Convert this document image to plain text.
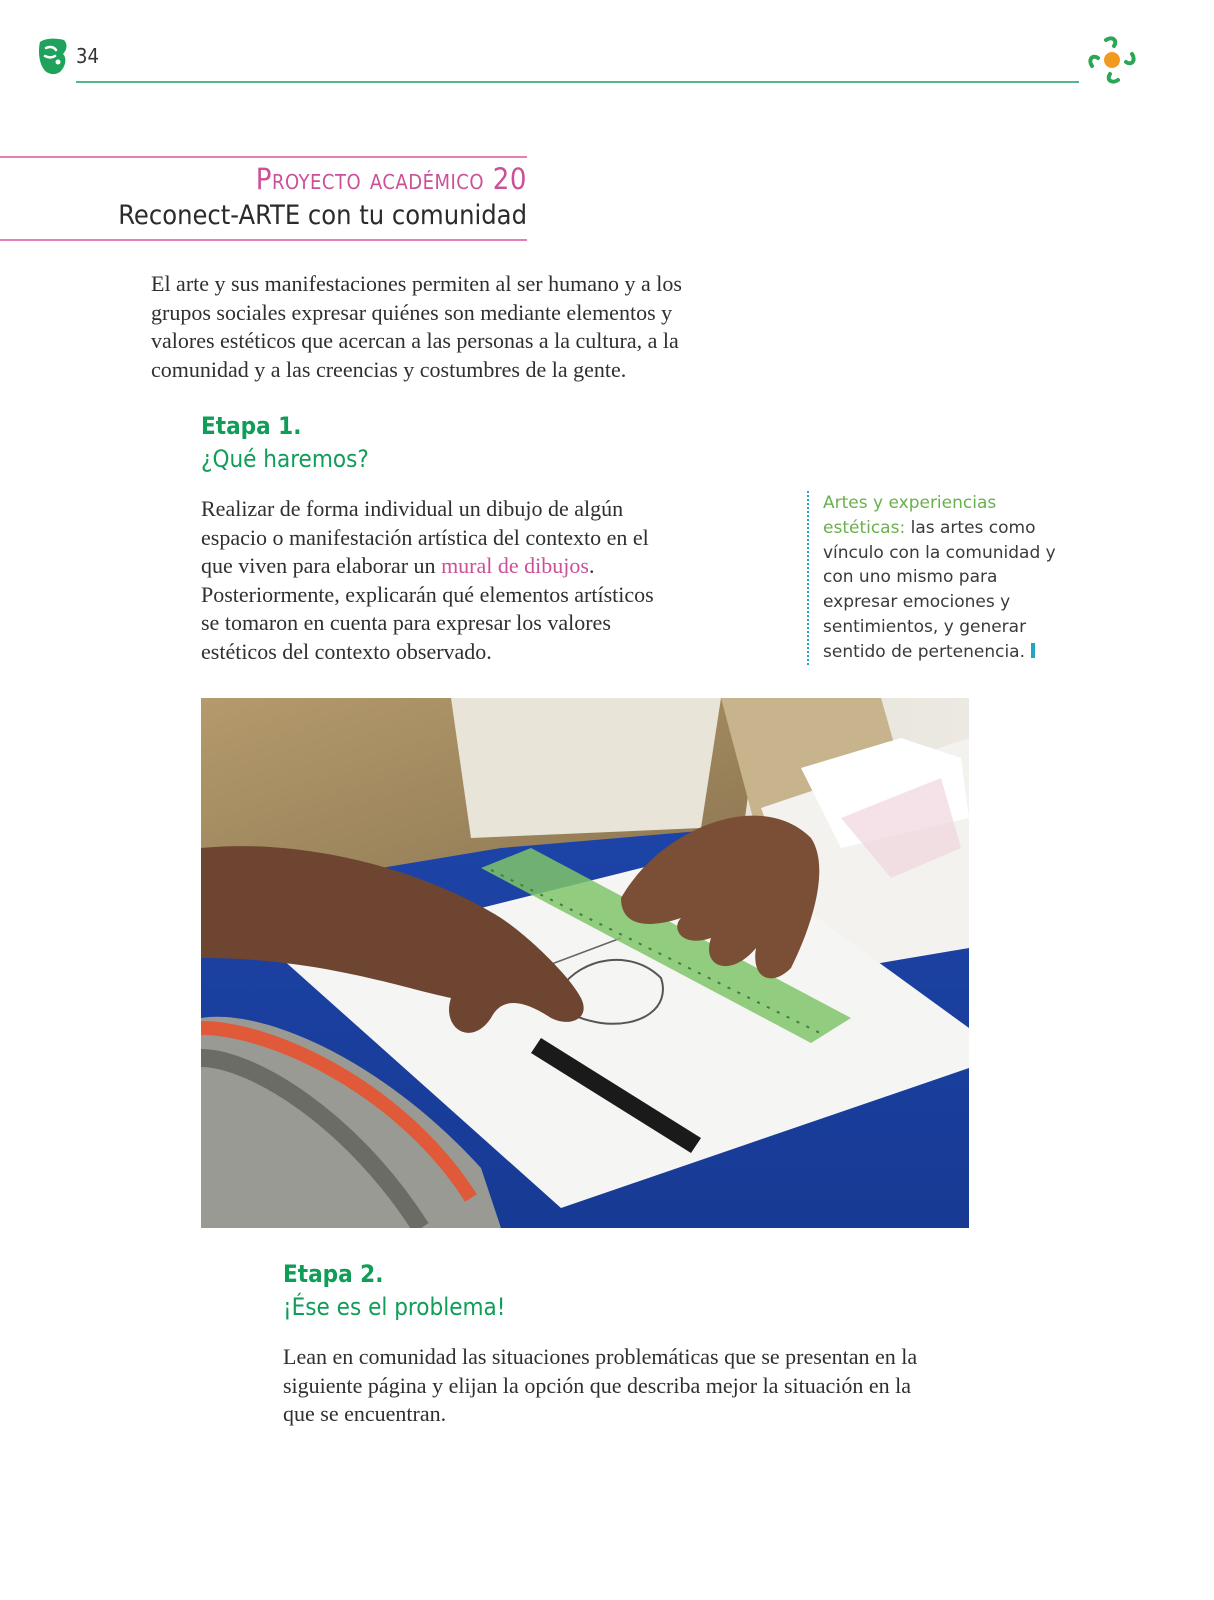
34
Proyecto académico 20
Reconect-ARTE con tu comunidad

El arte y sus manifestaciones permiten al ser humano y a los grupos sociales expresar quiénes son mediante elementos y valores estéticos que acercan a las personas a la cultura, a la comunidad y a las creencias y costumbres de la gente.

Etapa 1.
¿Qué haremos?

Realizar de forma individual un dibujo de algún espacio o manifestación artística del contexto en el que viven para elaborar un mural de dibujos. Posteriormente, explicarán qué elementos artísticos se tomaron en cuenta para expresar los valores estéticos del contexto observado.

Artes y experiencias estéticas: las artes como vínculo con la comunidad y con uno mismo para expresar emociones y sentimientos, y generar sentido de pertenencia.
Etapa 2.
¡Ése es el problema!

Lean en comunidad las situaciones problemáticas que se presentan en la siguiente página y elijan la opción que describa mejor la situación en la que se encuentran.
